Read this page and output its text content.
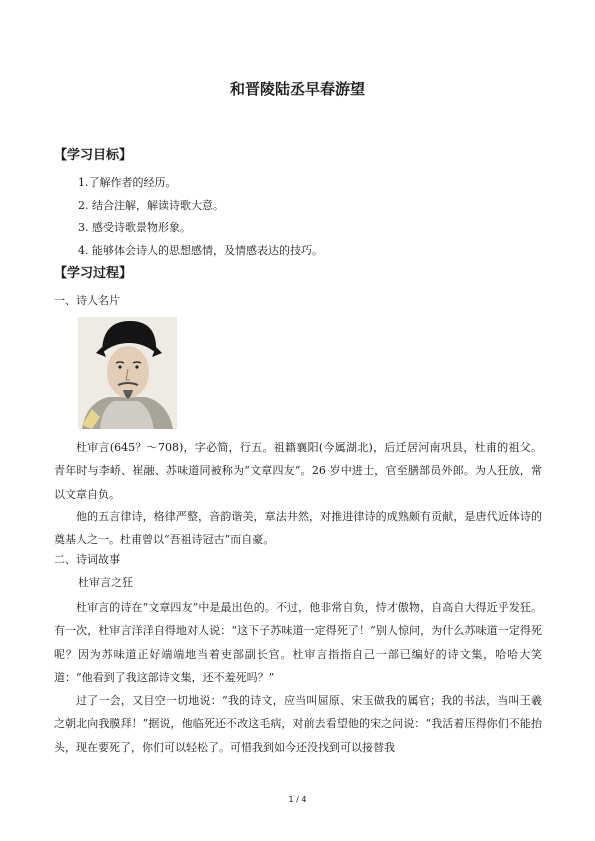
和晋陵陆丞早春游望
【学习目标】
1.了解作者的经历。
2. 结合注解，解读诗歌大意。
3. 感受诗歌景物形象。
4. 能够体会诗人的思想感情，及情感表达的技巧。
【学习过程】
一、诗人名片

杜审言(645？～708)，字必简，行五。祖籍襄阳(今属湖北)，后迁居河南巩县，杜甫的祖父。青年时与李峤、崔融、苏味道同被称为“文章四友”。26 岁中进士，官至膳部员外郎。为人狂放，常以文章自负。

他的五言律诗，格律严整，音韵谐美，章法井然，对推进律诗的成熟颇有贡献，是唐代近体诗的奠基人之一。杜甫曾以“吾祖诗冠古”而自豪。

二、诗词故事
杜审言之狂

杜审言的诗在“文章四友”中是最出色的。不过，他非常自负，恃才傲物，自高自大得近乎发狂。有一次，杜审言洋洋自得地对人说：“这下子苏味道一定得死了！”别人惊问，为什么苏味道一定得死呢？因为苏味道正好端端地当着吏部副长官。杜审言指指自己一部已编好的诗文集，哈哈大笑道：“他看到了我这部诗文集，还不羞死吗？”

过了一会，又目空一切地说：“我的诗文，应当叫屈原、宋玉做我的属官；我的书法，当叫王羲之朝北向我膜拜！”据说，他临死还不改这毛病，对前去看望他的宋之问说：“我活着压得你们不能抬头，现在要死了，你们可以轻松了。可惜我到如今还没找到可以接替我

1 / 4
